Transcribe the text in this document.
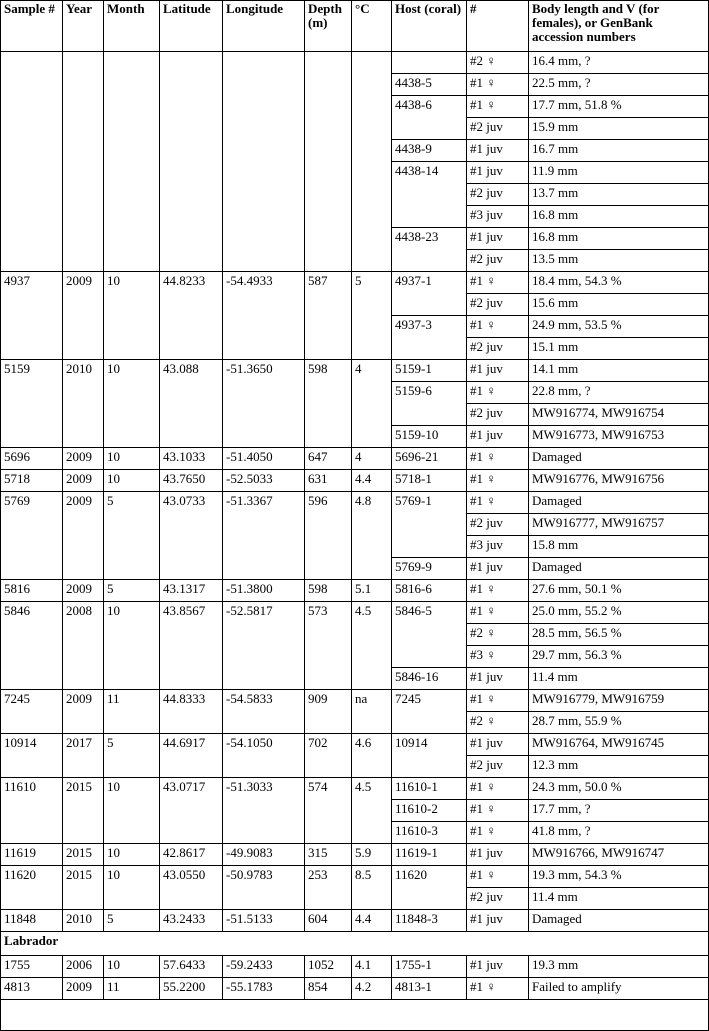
Sample #	Year	Month	Latitude	Longitude	Depth (m)	°C	Host (coral)	#	Body length and V (for females), or GenBank accession numbers
								#2 ♀	16.4 mm, ?
							4438-5	#1 ♀	22.5 mm, ?
							4438-6	#1 ♀	17.7 mm, 51.8 %
								#2 juv	15.9 mm
							4438-9	#1 juv	16.7 mm
							4438-14	#1 juv	11.9 mm
								#2 juv	13.7 mm
								#3 juv	16.8 mm
							4438-23	#1 juv	16.8 mm
								#2 juv	13.5 mm
4937	2009	10	44.8233	-54.4933	587	5	4937-1	#1 ♀	18.4 mm, 54.3 %
								#2 juv	15.6 mm
							4937-3	#1 ♀	24.9 mm, 53.5 %
								#2 juv	15.1 mm
5159	2010	10	43.088	-51.3650	598	4	5159-1	#1 juv	14.1 mm
							5159-6	#1 ♀	22.8 mm, ?
								#2 juv	MW916774, MW916754
							5159-10	#1 juv	MW916773, MW916753
5696	2009	10	43.1033	-51.4050	647	4	5696-21	#1 ♀	Damaged
5718	2009	10	43.7650	-52.5033	631	4.4	5718-1	#1 ♀	MW916776, MW916756
5769	2009	5	43.0733	-51.3367	596	4.8	5769-1	#1 ♀	Damaged
								#2 juv	MW916777, MW916757
								#3 juv	15.8 mm
							5769-9	#1 juv	Damaged
5816	2009	5	43.1317	-51.3800	598	5.1	5816-6	#1 ♀	27.6 mm, 50.1 %
5846	2008	10	43.8567	-52.5817	573	4.5	5846-5	#1 ♀	25.0 mm, 55.2 %
								#2 ♀	28.5 mm, 56.5 %
								#3 ♀	29.7 mm, 56.3 %
							5846-16	#1 juv	11.4 mm
7245	2009	11	44.8333	-54.5833	909	na	7245	#1 ♀	MW916779, MW916759
								#2 ♀	28.7 mm, 55.9 %
10914	2017	5	44.6917	-54.1050	702	4.6	10914	#1 juv	MW916764, MW916745
								#2 juv	12.3 mm
11610	2015	10	43.0717	-51.3033	574	4.5	11610-1	#1 ♀	24.3 mm, 50.0 %
							11610-2	#1 ♀	17.7 mm, ?
							11610-3	#1 ♀	41.8 mm, ?
11619	2015	10	42.8617	-49.9083	315	5.9	11619-1	#1 juv	MW916766, MW916747
11620	2015	10	43.0550	-50.9783	253	8.5	11620	#1 ♀	19.3 mm, 54.3 %
								#2 juv	11.4 mm
11848	2010	5	43.2433	-51.5133	604	4.4	11848-3	#1 juv	Damaged
Labrador									
1755	2006	10	57.6433	-59.2433	1052	4.1	1755-1	#1 juv	19.3 mm
4813	2009	11	55.2200	-55.1783	854	4.2	4813-1	#1 ♀	Failed to amplify
